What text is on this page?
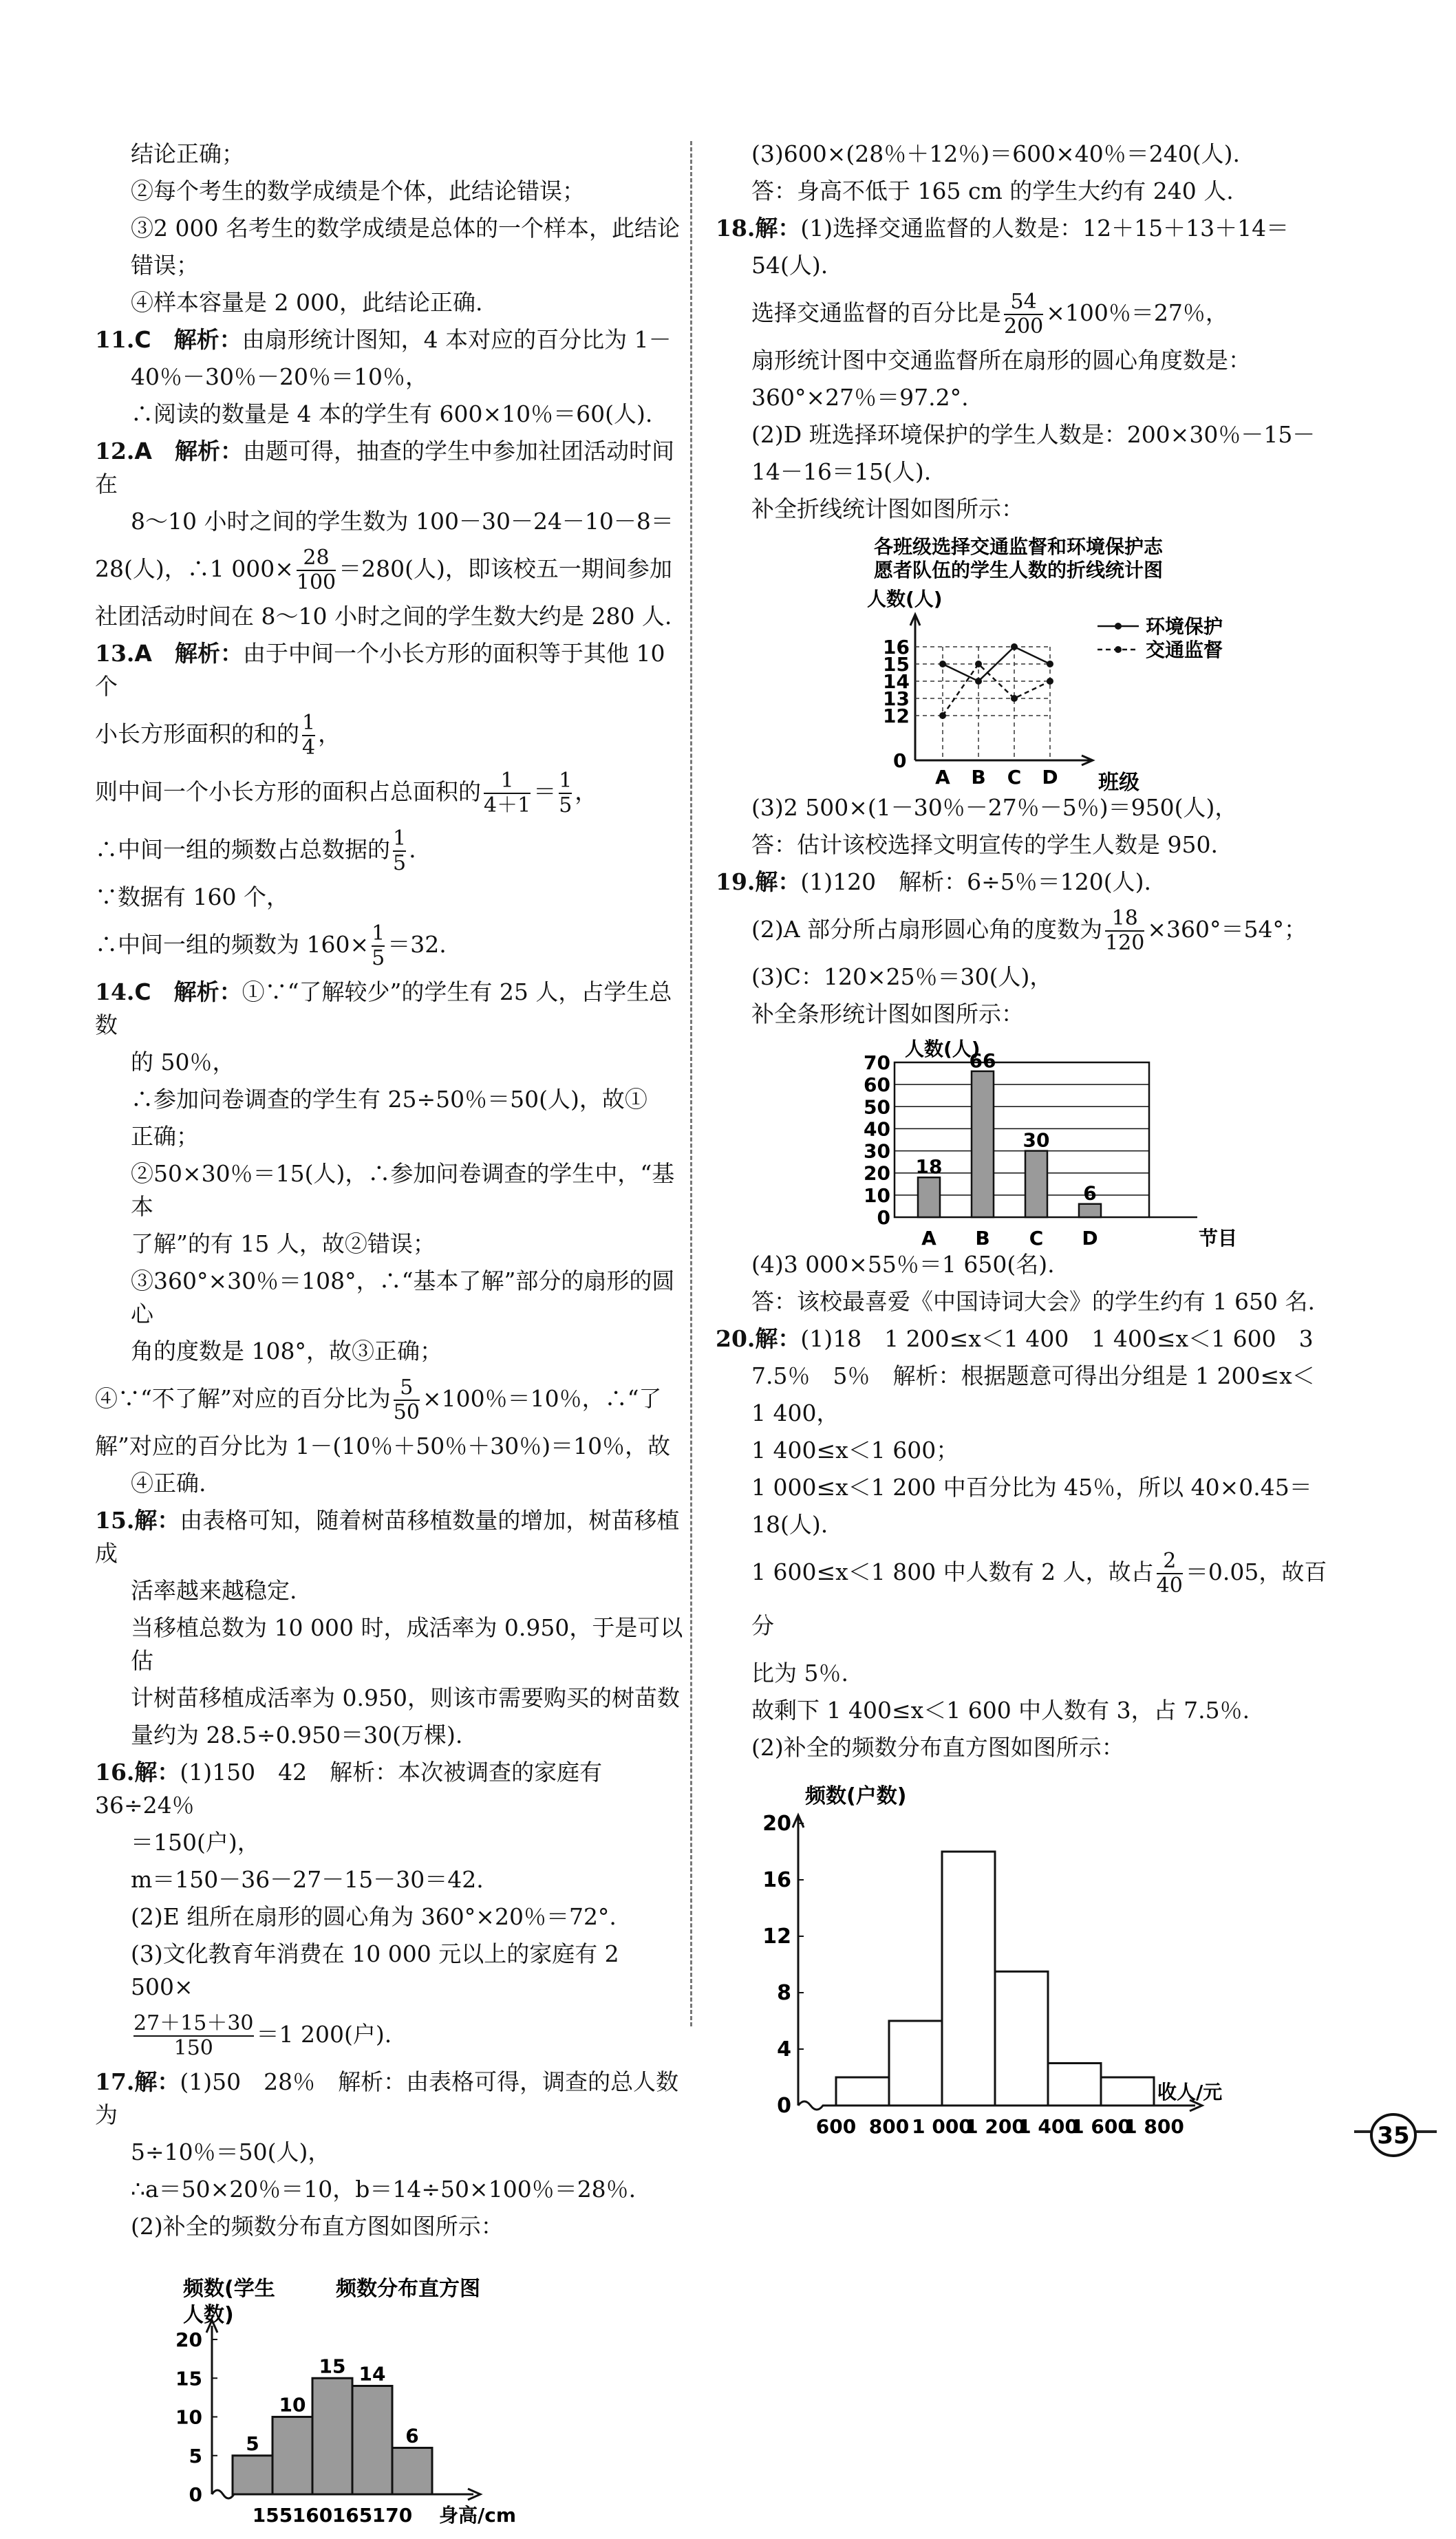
结论正确；
②每个考生的数学成绩是个体，此结论错误；
③2 000 名考生的数学成绩是总体的一个样本，此结论
错误；
④样本容量是 2 000，此结论正确.
11.C　 解析：由扇形统计图知，4 本对应的百分比为 1－
40％－30％－20％＝10％，
∴阅读的数量是 4 本的学生有 600×10％＝60(人).
12.A　 解析：由题可得，抽查的学生中参加社团活动时间在
8～10 小时之间的学生数为 100－30－24－10－8＝
28(人)，∴1 $000\times \frac{28}{100} =280$(人)，即该校五一期间参加
社团活动时间在 8～10 小时之间的学生数大约是 280 人.
13.A　 解析：由于中间一个小长方形的面积等于其他 10 个
小长方形面积的和的 $\frac{1}{4}$ ，
则中间一个小长方形的面积占总面积的 $\frac{1}{4+1} = \frac{1}{5}$ ，
∴中间一组的频数占总数据的 $\frac{1}{5}$ .
∵数据有 160 个，
∴中间一组的频数为 $160\times \frac{1}{5} =32$.
14.C　 解析：①∵“了解较少”的学生有 25 人，占学生总数
的 50％，
∴参加问卷调查的学生有 25÷50％＝50(人)，故①
正确；
②50×30％＝15(人)，∴参加问卷调查的学生中，“基本
了解”的有 15 人，故②错误；
③360°×30％＝108°，∴“基本了解”部分的扇形的圆心
角的度数是 108°，故③正确；
④∵“不了解”对应的百分比为 $\frac{5}{50} \times 100$％＝10％，∴“了
解”对应的百分比为 1－(10％＋50％＋30％)＝10％，故
④正确.
15.解：由表格可知，随着树苗移植数量的增加，树苗移植成
活率越来越稳定.
当移植总数为 10 000 时，成活率为 0.950，于是可以估
计树苗移植成活率为 0.950，则该市需要购买的树苗数
量约为 28.5÷0.950＝30(万棵).
16.解：(1)150　42　解析：本次被调查的家庭有 36÷24％
＝150(户)，
m＝150－36－27－15－30＝42.
(2)E 组所在扇形的圆心角为 360°×20％＝72°.
(3)文化教育年消费在 10 000 元以上的家庭有 2 500×
$\frac{27+15+30}{150} =1$ 200(户).
17.解：(1)50　28％　解析：由表格可得，调查的总人数为
5÷10％＝50(人)，
∴a＝50×20％＝10，b＝14÷50×100％＝28％.
(2)补全的频数分布直方图如图所示：
频数(学生
人数)
频数分布直方图
0
5
10
15
20
5
10
15 14
6
155 160 165 170 身高/cm
(3)600×(28％＋12％)＝600×40％＝240(人).
答：身高不低于 165 cm 的学生大约有 240 人.
18.解：(1)选择交通监督的人数是：12＋15＋13＋14＝
54(人).
选择交通监督的百分比是 $\frac{54}{200} \times 100$％＝27％，
扇形统计图中交通监督所在扇形的圆心角度数是：
360°×27％＝97.2°.
(2)D 班选择环境保护的学生人数是：200×30％－15－
14－16＝15(人).
补全折线统计图如图所示：
各班级选择交通监督和环境保护志
愿者队伍的学生人数的折线统计图
人数(人)
0
12
13
14
15
16
A B C D 班级
环境保护
交通监督
(3)2 500×(1－30％－27％－5％)＝950(人)，
答：估计该校选择文明宣传的学生人数是 950.
19.解：(1)120　解析：6÷5％＝120(人).
(2)A 部分所占扇形圆心角的度数为 $\frac{18}{120} \times 360^\circ=54^\circ$；
(3)C：120×25％＝30(人)，
补全条形统计图如图所示：
人数(人)
0
10
20
30
40
50
60
70
节目
18
A
66
B
30
C
6
D
(4)3 000×55％＝1 650(名).
答：该校最喜爱《中国诗词大会》的学生约有 1 650 名.
20.解：(1)18　1 200≤x＜1 400　1 400≤x＜1 600　3
7.5％　5％　解析：根据题意可得出分组是 1 200≤x＜
1 400，
1 400≤x＜1 600；
1 000≤x＜1 200 中百分比为 45％，所以 40×0.45＝
18(人).
1 600≤x＜1 800 中人数有 2 人，故占 $\frac{2}{40} =0.05$，故百分
比为 5％.
故剩下 1 400≤x＜1 600 中人数有 3，占 7.5％.
(2)补全的频数分布直方图如图所示：
频数(户数)
0
4
8
12
16
20
600 800 1 000
1 200
1 400
1 600
1 800
收人/元
35
